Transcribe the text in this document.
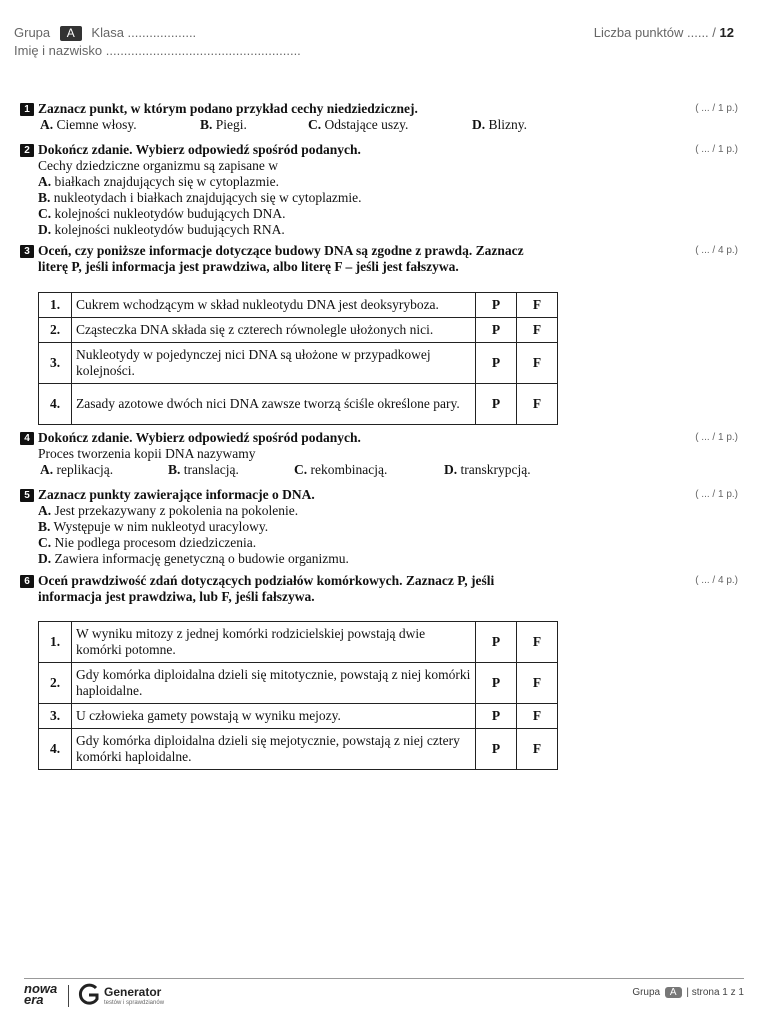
Grupa A Klasa ...................	Liczba punktów ...... / 12
Imię i nazwisko ......................................................
( ... / 1 p.)
1 Zaznacz punkt, w którym podano przykład cechy niedziedzicznej.
A. Ciemne włosy.	B. Piegi.	C. Odstające uszy.	D. Blizny.
( ... / 1 p.)
2 Dokończ zdanie. Wybierz odpowiedź spośród podanych.
Cechy dziedziczne organizmu są zapisane w
A. białkach znajdujących się w cytoplazmie.
B. nukleotydach i białkach znajdujących się w cytoplazmie.
C. kolejności nukleotydów budujących DNA.
D. kolejności nukleotydów budujących RNA.
( ... / 4 p.)
3 Oceń, czy poniższe informacje dotyczące budowy DNA są zgodne z prawdą. Zaznacz
literę P, jeśli informacja jest prawdziwa, albo literę F – jeśli jest fałszywa.
1.	Cukrem wchodzącym w skład nukleotydu DNA jest deoksyryboza.	P	F
2.	Cząsteczka DNA składa się z czterech równolegle ułożonych nici.	P	F
3.	Nukleotydy w pojedynczej nici DNA są ułożone w przypadkowej kolejności.	P	F
4.	Zasady azotowe dwóch nici DNA zawsze tworzą ściśle określone pary.	P	F
( ... / 1 p.)
4 Dokończ zdanie. Wybierz odpowiedź spośród podanych.
Proces tworzenia kopii DNA nazywamy
A. replikacją.	B. translacją.	C. rekombinacją.	D. transkrypcją.
( ... / 1 p.)
5 Zaznacz punkty zawierające informacje o DNA.
A. Jest przekazywany z pokolenia na pokolenie.
B. Występuje w nim nukleotyd uracylowy.
C. Nie podlega procesom dziedziczenia.
D. Zawiera informację genetyczną o budowie organizmu.
( ... / 4 p.)
6 Oceń prawdziwość zdań dotyczących podziałów komórkowych. Zaznacz P, jeśli
informacja jest prawdziwa, lub F, jeśli fałszywa.
1.	W wyniku mitozy z jednej komórki rodzicielskiej powstają dwie komórki potomne.	P	F
2.	Gdy komórka diploidalna dzieli się mitotycznie, powstają z niej komórki haploidalne.	P	F
3.	U człowieka gamety powstają w wyniku mejozy.	P	F
4.	Gdy komórka diploidalna dzieli się mejotycznie, powstają z niej cztery komórki haploidalne.	P	F
nowa
era	Generator
testów i sprawdzianów
Grupa A | strona 1 z 1
